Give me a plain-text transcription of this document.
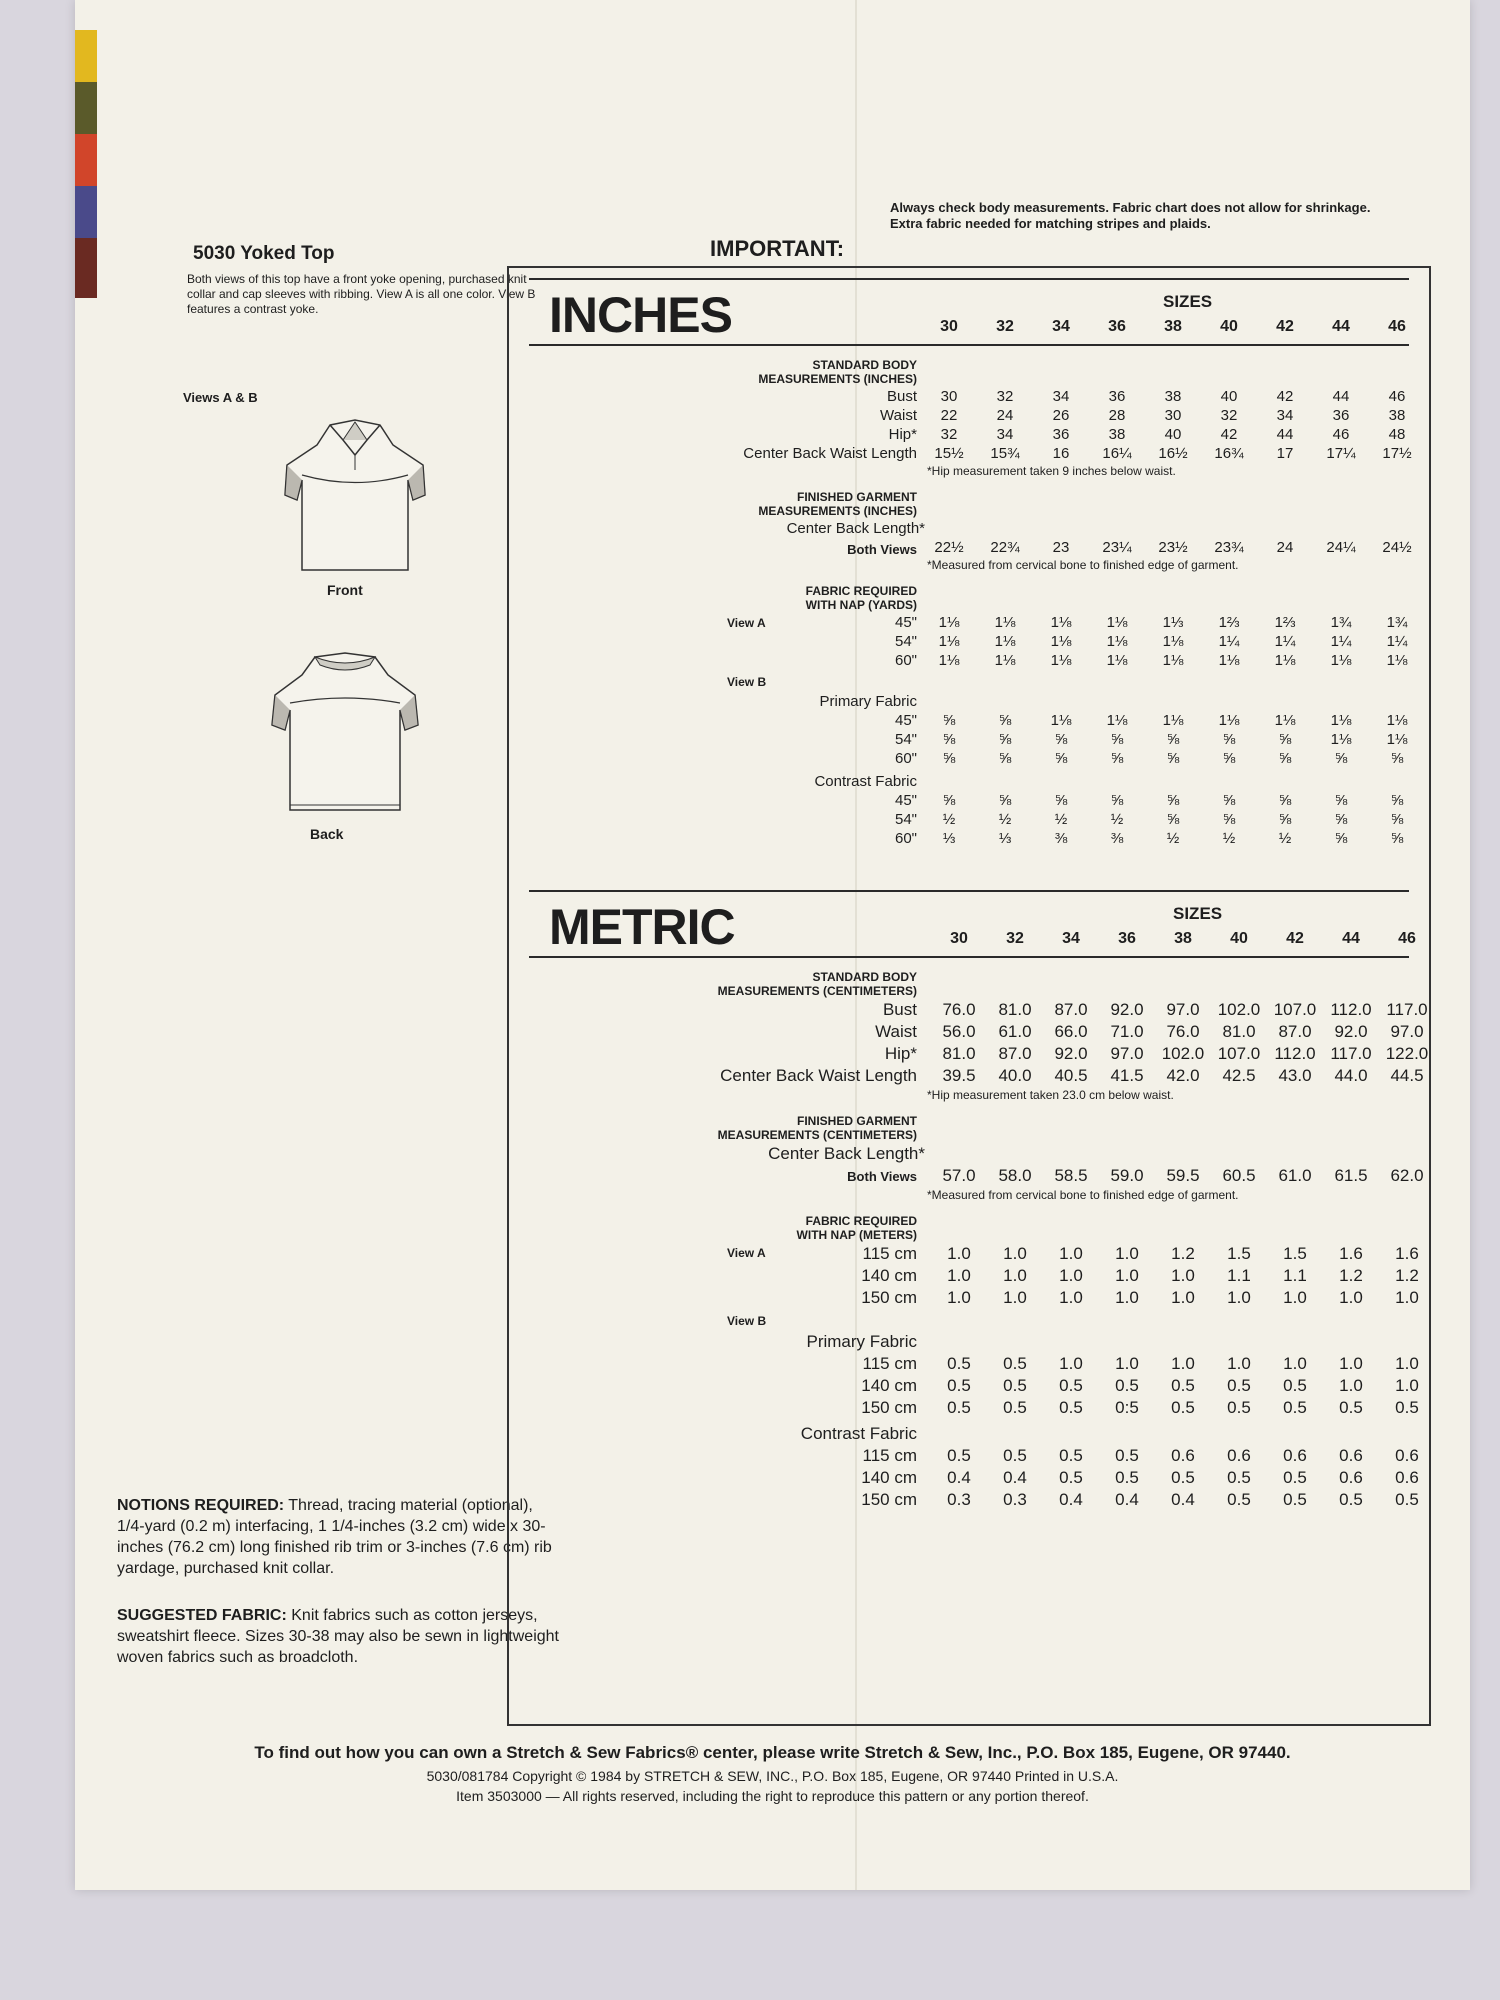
5030 Yoked Top
Both views of this top have a front yoke opening, purchased knit collar and cap sleeves with ribbing. View A is all one color. View B features a contrast yoke.
Views A & B
Front
Back
NOTIONS REQUIRED: Thread, tracing material (optional), 1/4-yard (0.2 m) interfacing, 1 1/4-inches (3.2 cm) wide x 30-inches (76.2 cm) long finished rib trim or 3-inches (7.6 cm) rib yardage, purchased knit collar.
SUGGESTED FABRIC: Knit fabrics such as cotton jerseys, sweatshirt fleece. Sizes 30-38 may also be sewn in lightweight woven fabrics such as broadcloth.
IMPORTANT:
Always check body measurements. Fabric chart does not allow for shrinkage. Extra fabric needed for matching stripes and plaids.
INCHES	SIZES
30	32	34	36	38	40	42	44	46
STANDARD BODY
MEASUREMENTS (INCHES)
Bust	30	32	34	36	38	40	42	44	46
Waist	22	24	26	28	30	32	34	36	38
Hip*	32	34	36	38	40	42	44	46	48
Center Back Waist Length	15½	15¾	16	16¼	16½	16¾	17	17¼	17½
*Hip measurement taken 9 inches below waist.
FINISHED GARMENT
MEASUREMENTS (INCHES)
Center Back Length*
Both Views	22½	22¾	23	23¼	23½	23¾	24	24¼	24½
*Measured from cervical bone to finished edge of garment.
FABRIC REQUIRED
WITH NAP (YARDS)
View A	45"	1⅛	1⅛	1⅛	1⅛	1⅓	1⅔	1⅔	1¾	1¾
54"	1⅛	1⅛	1⅛	1⅛	1⅛	1¼	1¼	1¼	1¼
60"	1⅛	1⅛	1⅛	1⅛	1⅛	1⅛	1⅛	1⅛	1⅛
View B
Primary Fabric
45"	⅝	⅝	1⅛	1⅛	1⅛	1⅛	1⅛	1⅛	1⅛
54"	⅝	⅝	⅝	⅝	⅝	⅝	⅝	1⅛	1⅛
60"	⅝	⅝	⅝	⅝	⅝	⅝	⅝	⅝	⅝
Contrast Fabric
45"	⅝	⅝	⅝	⅝	⅝	⅝	⅝	⅝	⅝
54"	½	½	½	½	⅝	⅝	⅝	⅝	⅝
60"	⅓	⅓	⅜	⅜	½	½	½	⅝	⅝
METRIC	SIZES
30	32	34	36	38	40	42	44	46
STANDARD BODY
MEASUREMENTS (CENTIMETERS)
Bust	76.0	81.0	87.0	92.0	97.0	102.0 107.0 112.0 117.0
Waist	56.0	61.0	66.0	71.0	76.0	81.0	87.0	92.0	97.0
Hip*	81.0	87.0	92.0	97.0	102.0 107.0 112.0 117.0 122.0
Center Back Waist Length	39.5	40.0	40.5	41.5	42.0	42.5	43.0	44.0	44.5
*Hip measurement taken 23.0 cm below waist.
FINISHED GARMENT
MEASUREMENTS (CENTIMETERS)
Center Back Length*
Both Views	57.0	58.0	58.5	59.0	59.5	60.5	61.0	61.5	62.0
*Measured from cervical bone to finished edge of garment.
FABRIC REQUIRED
WITH NAP (METERS)
View A	115 cm	1.0	1.0	1.0	1.0	1.2	1.5	1.5	1.6	1.6
140 cm	1.0	1.0	1.0	1.0	1.0	1.1	1.1	1.2	1.2
150 cm	1.0	1.0	1.0	1.0	1.0	1.0	1.0	1.0	1.0
View B
Primary Fabric
115 cm	0.5	0.5	1.0	1.0	1.0	1.0	1.0	1.0	1.0
140 cm	0.5	0.5	0.5	0.5	0.5	0.5	0.5	1.0	1.0
150 cm	0.5	0.5	0.5	0:5	0.5	0.5	0.5	0.5	0.5
Contrast Fabric
115 cm	0.5	0.5	0.5	0.5	0.6	0.6	0.6	0.6	0.6
140 cm	0.4	0.4	0.5	0.5	0.5	0.5	0.5	0.6	0.6
150 cm	0.3	0.3	0.4	0.4	0.4	0.5	0.5	0.5	0.5
To find out how you can own a Stretch & Sew Fabrics® center, please write Stretch & Sew, Inc., P.O. Box 185, Eugene, OR 97440.
5030/081784 Copyright © 1984 by STRETCH & SEW, INC., P.O. Box 185, Eugene, OR 97440 Printed in U.S.A.
Item 3503000 — All rights reserved, including the right to reproduce this pattern or any portion thereof.
